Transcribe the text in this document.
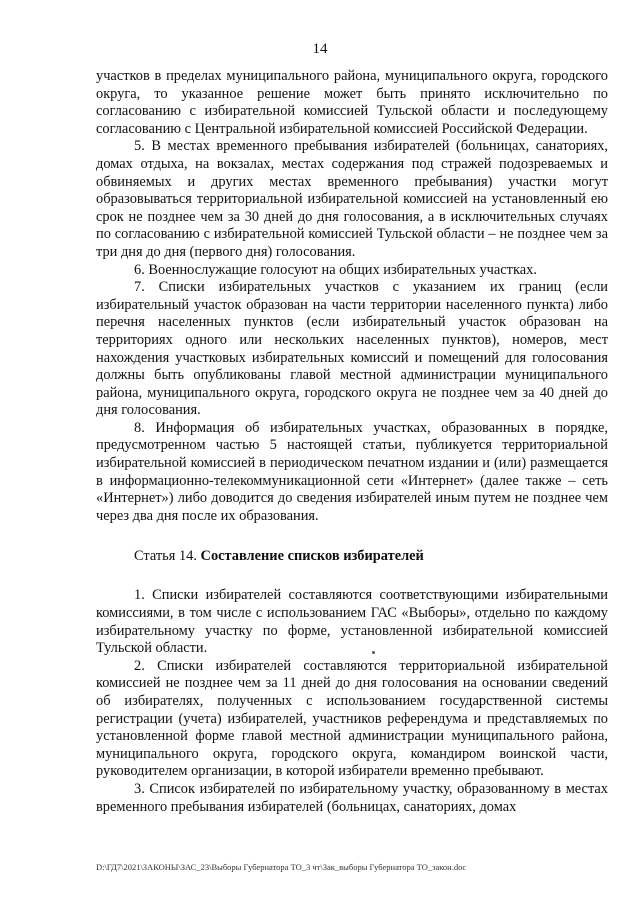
14

участков в пределах муниципального района, муниципального округа, городского округа, то указанное решение может быть принято исключительно по согласованию с избирательной комиссией Тульской области и последующему согласованию с Центральной избирательной комиссией Российской Федерации.

5. В местах временного пребывания избирателей (больницах, санаториях, домах отдыха, на вокзалах, местах содержания под стражей подозреваемых и обвиняемых и других местах временного пребывания) участки могут образовываться территориальной избирательной комиссией на установленный ею срок не позднее чем за 30 дней до дня голосования, а в исключительных случаях по согласованию с избирательной комиссией Тульской области – не позднее чем за три дня до дня (первого дня) голосования.

6. Военнослужащие голосуют на общих избирательных участках.

7. Списки избирательных участков с указанием их границ (если избирательный участок образован на части территории населенного пункта) либо перечня населенных пунктов (если избирательный участок образован на территориях одного или нескольких населенных пунктов), номеров, мест нахождения участковых избирательных комиссий и помещений для голосования должны быть опубликованы главой местной администрации муниципального района, муниципального округа, городского округа не позднее чем за 40 дней до дня голосования.

8. Информация об избирательных участках, образованных в порядке, предусмотренном частью 5 настоящей статьи, публикуется территориальной избирательной комиссией в периодическом печатном издании и (или) размещается в информационно-телекоммуникационной сети «Интернет» (далее также – сеть «Интернет») либо доводится до сведения избирателей иным путем не позднее чем через два дня после их образования.

Статья 14. Составление списков избирателей

1. Списки избирателей составляются соответствующими избирательными комиссиями, в том числе с использованием ГАС «Выборы», отдельно по каждому избирательному участку по форме, установленной избирательной комиссией Тульской области.

2. Списки избирателей составляются территориальной избирательной комиссией не позднее чем за 11 дней до дня голосования на основании сведений об избирателях, полученных с использованием государственной системы регистрации (учета) избирателей, участников референдума и представляемых по установленной форме главой местной администрации муниципального района, муниципального округа, городского округа, командиром воинской части, руководителем организации, в которой избиратели временно пребывают.

3. Список избирателей по избирательному участку, образованному в местах временного пребывания избирателей (больницах, санаториях, домах

D:\ГД7\2021\ЗАКОНЫ\ЗАС_23\Выборы Губернатора ТО_3 чт\Зак_выборы Губернатора ТО_закон.doc
